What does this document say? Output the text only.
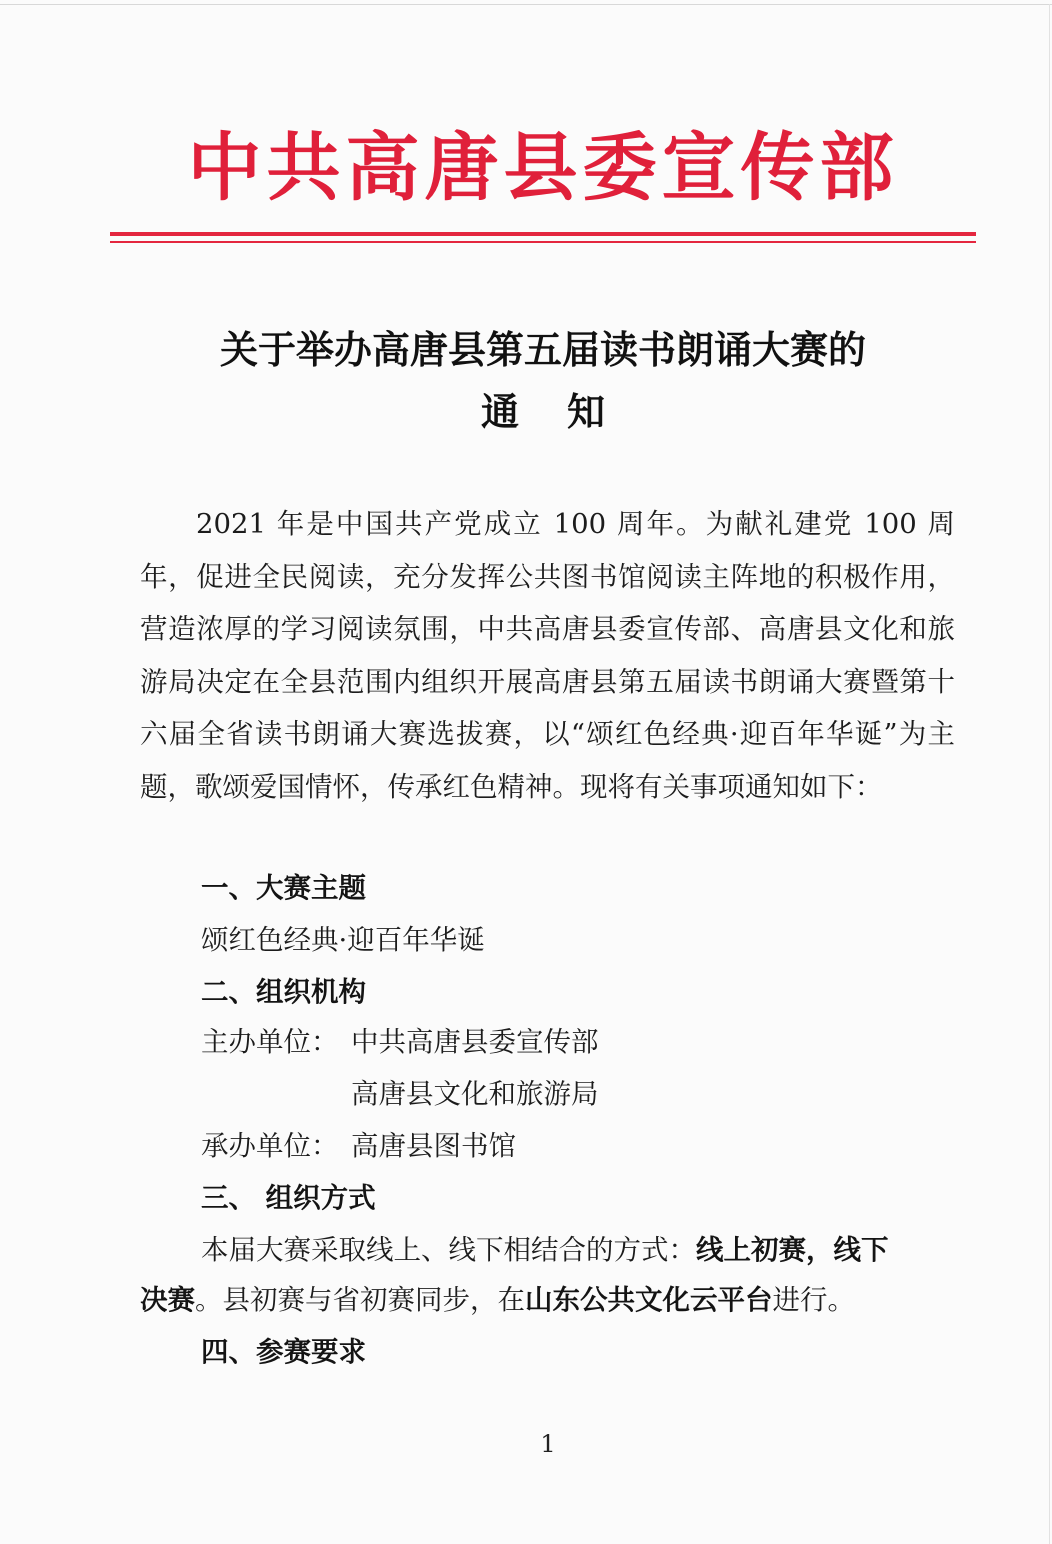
中共高唐县委宣传部
关于举办高唐县第五届读书朗诵大赛的
通知
2021 年是中国共产党成立 100 周年。为献礼建党 100 周年，促进全民阅读，充分发挥公共图书馆阅读主阵地的积极作用，营造浓厚的学习阅读氛围，中共高唐县委宣传部、高唐县文化和旅游局决定在全县范围内组织开展高唐县第五届读书朗诵大赛暨第十六届全省读书朗诵大赛选拔赛，以“颂红色经典·迎百年华诞”为主题，歌颂爱国情怀，传承红色精神。现将有关事项通知如下：
一、大赛主题
颂红色经典·迎百年华诞
二、组织机构
主办单位： 中共高唐县委宣传部
高唐县文化和旅游局
承办单位： 高唐县图书馆
三、 组织方式
本届大赛采取线上、线下相结合的方式：线上初赛，线下
决赛。县初赛与省初赛同步，在山东公共文化云平台进行。
四、参赛要求
1
